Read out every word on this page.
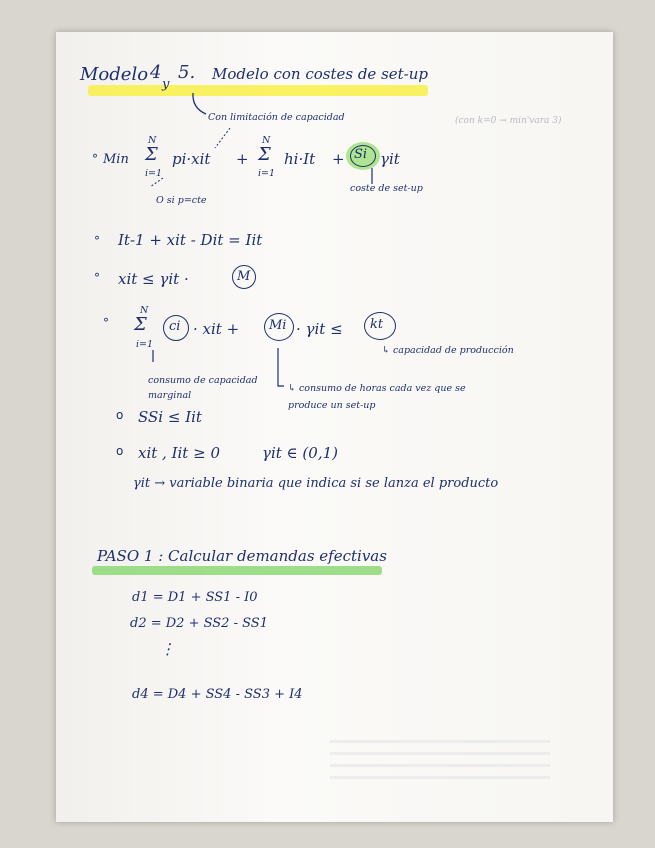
Modelo 4
y
5. Modelo con costes de set-up
Con limitación de capacidad	(con k=0 → min'vara 3)
° Min
N
Σ
i=1
pi·xit +
N
Σ
i=1
hi·It + Si γit
coste de set-up
O si p=cte
° It-1 + xit - Dit = Iit
° xit ≤ γit ·	M
°
N
Σ
i=1
ci · xit + Mi · γit ≤ kt
↳ capacidad de producción
consumo de capacidad marginal
↳ consumo de horas cada vez que se produce un set-up
o SSi ≤ Iit
o xit , Iit ≥ 0	γit ∈ (0,1)
γit → variable binaria que indica si se lanza el producto
PASO 1 : Calcular demandas efectivas
d1 = D1 + SS1 - I0
d2 = D2 + SS2 - SS1
⋮
d4 = D4 + SS4 - SS3 + I4
